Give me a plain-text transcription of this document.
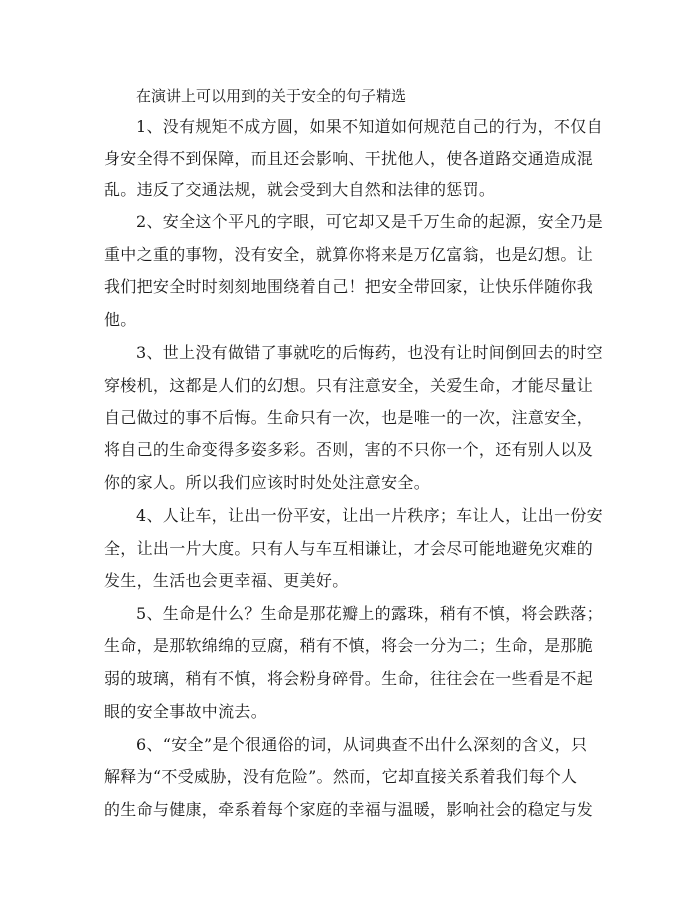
在演讲上可以用到的关于安全的句子精选
1、没有规矩不成方圆，如果不知道如何规范自己的行为，不仅自
身安全得不到保障，而且还会影响、干扰他人，使各道路交通造成混
乱。违反了交通法规，就会受到大自然和法律的惩罚。
2、安全这个平凡的字眼，可它却又是千万生命的起源，安全乃是
重中之重的事物，没有安全，就算你将来是万亿富翁，也是幻想。让
我们把安全时时刻刻地围绕着自己！把安全带回家，让快乐伴随你我
他。
3、世上没有做错了事就吃的后悔药，也没有让时间倒回去的时空
穿梭机，这都是人们的幻想。只有注意安全，关爱生命，才能尽量让
自己做过的事不后悔。生命只有一次，也是唯一的一次，注意安全，
将自己的生命变得多姿多彩。否则，害的不只你一个，还有别人以及
你的家人。所以我们应该时时处处注意安全。
4、人让车，让出一份平安，让出一片秩序；车让人，让出一份安
全，让出一片大度。只有人与车互相谦让，才会尽可能地避免灾难的
发生，生活也会更幸福、更美好。
5、生命是什么？生命是那花瓣上的露珠，稍有不慎，将会跌落；
生命，是那软绵绵的豆腐，稍有不慎，将会一分为二；生命，是那脆
弱的玻璃，稍有不慎，将会粉身碎骨。生命，往往会在一些看是不起
眼的安全事故中流去。
6、“安全”是个很通俗的词，从词典查不出什么深刻的含义，只
解释为“不受威胁，没有危险”。然而，它却直接关系着我们每个人
的生命与健康，牵系着每个家庭的幸福与温暖，影响社会的稳定与发
